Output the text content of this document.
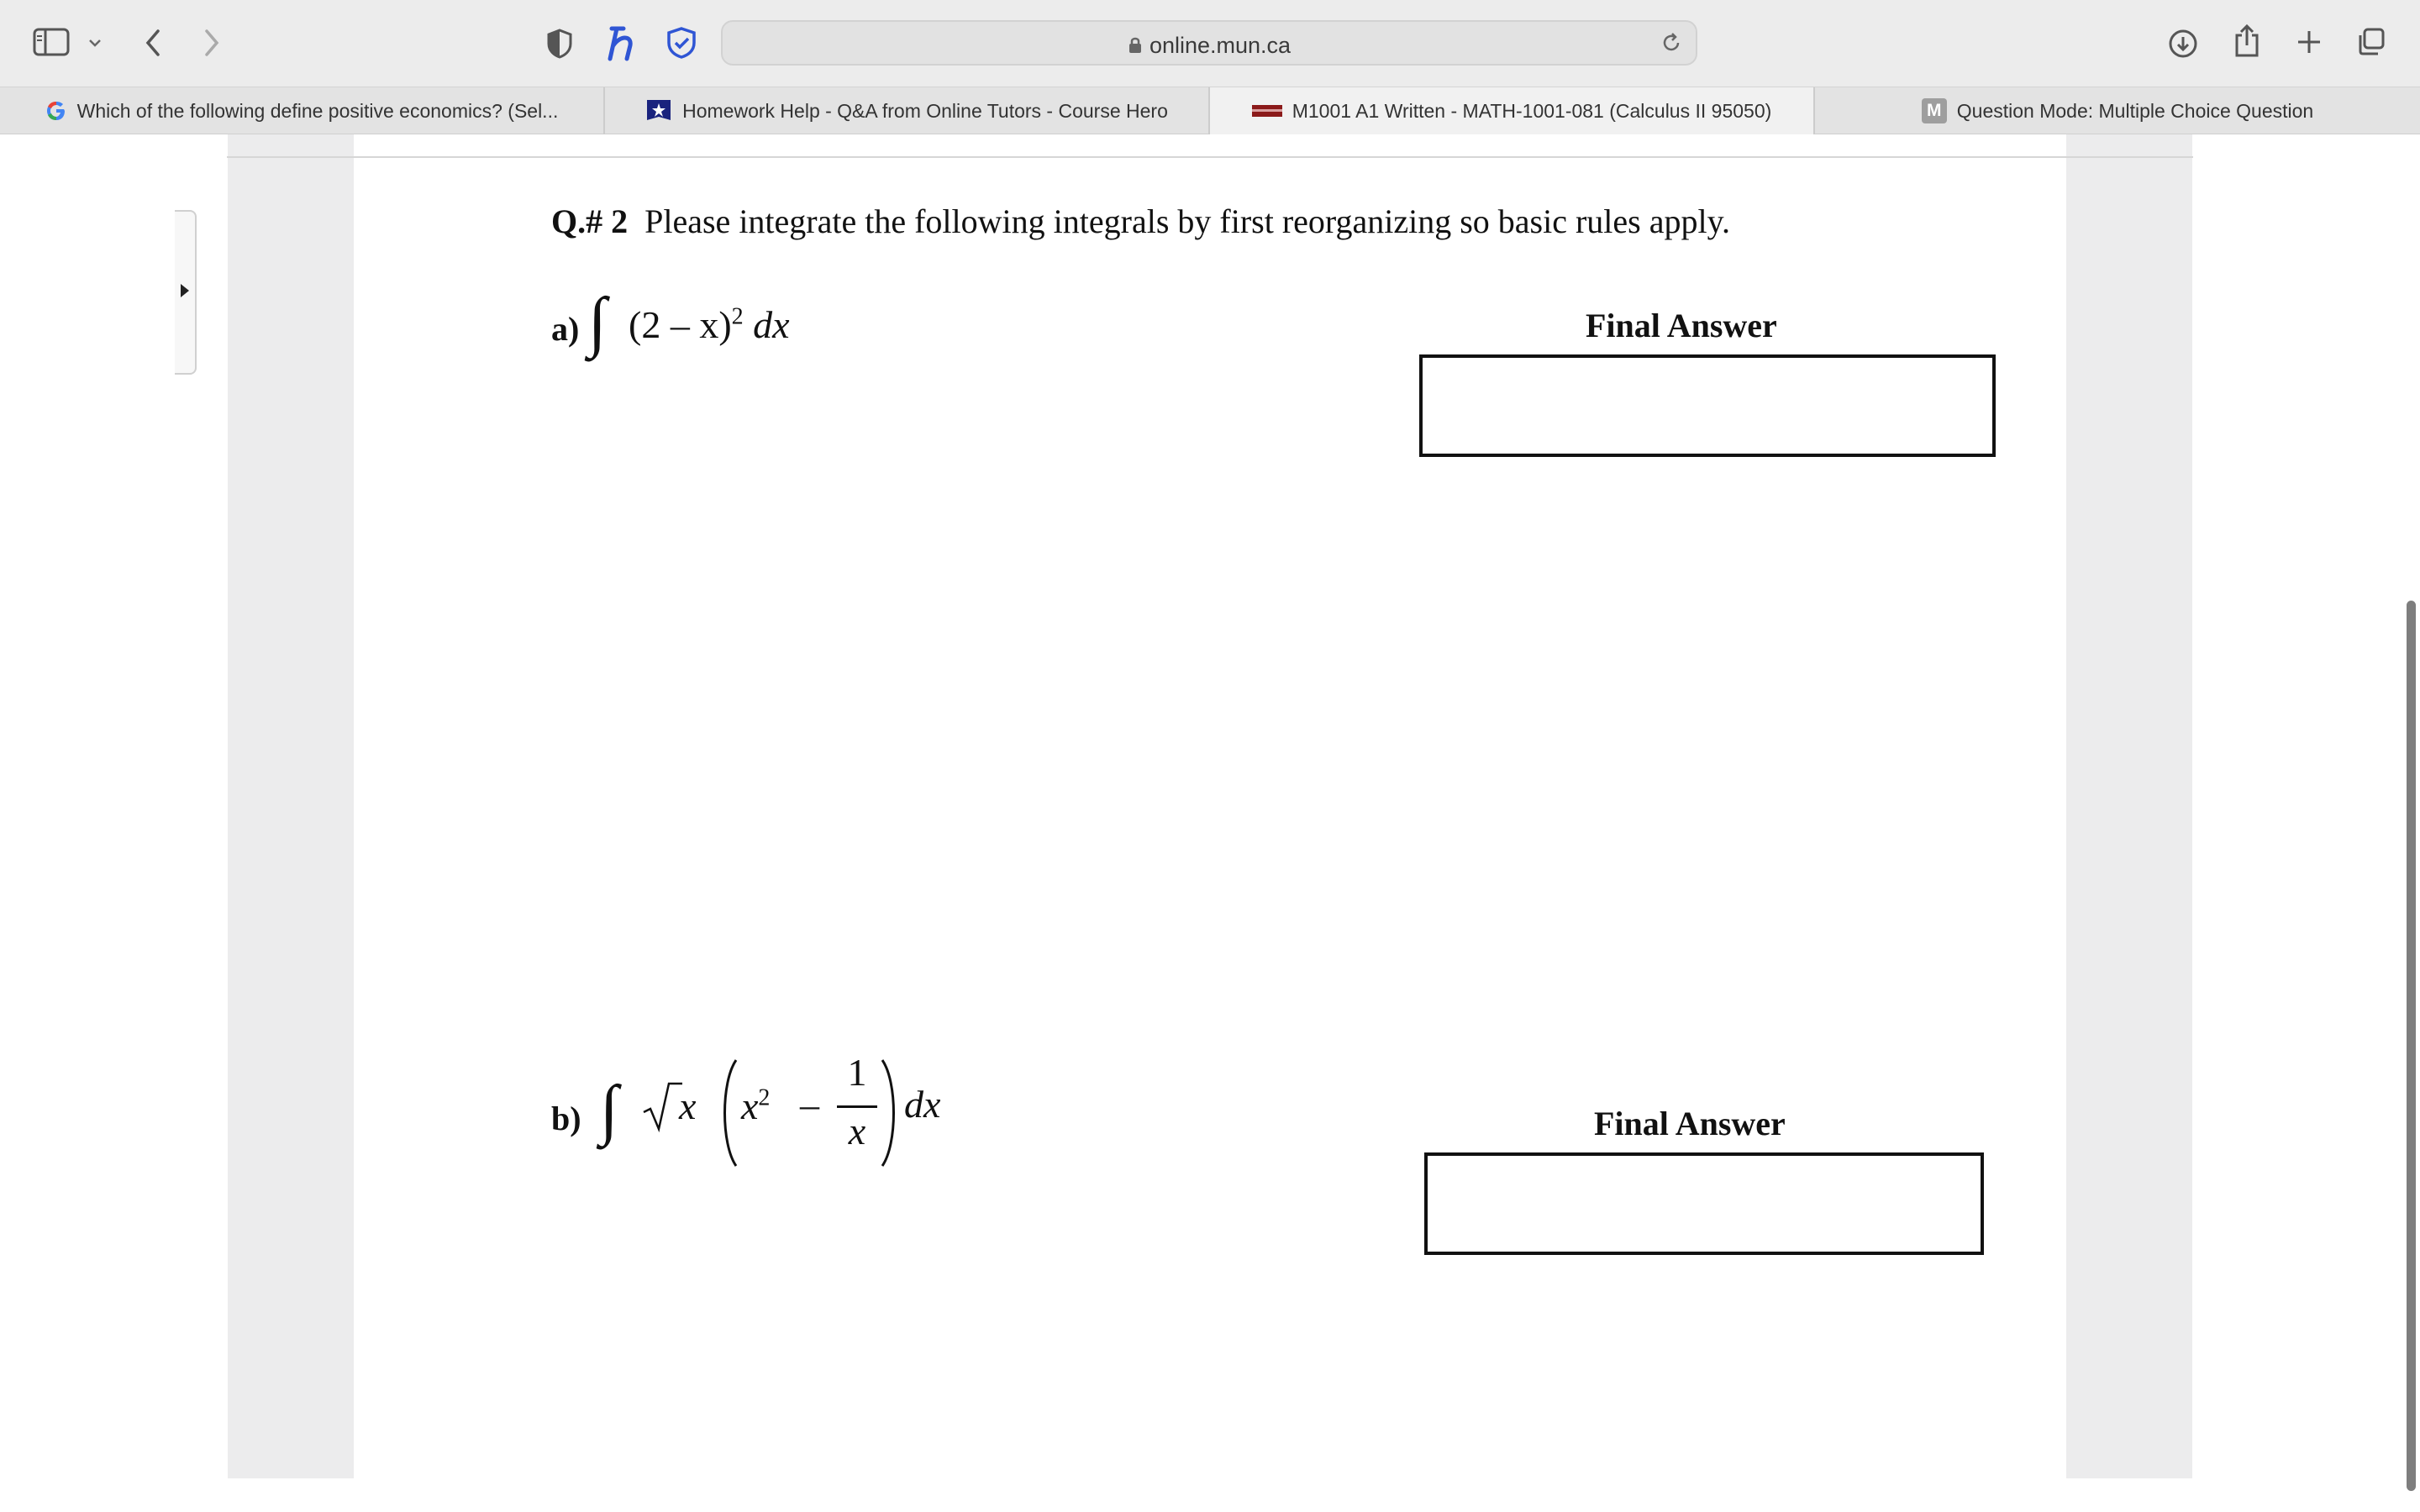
online.mun.ca
Which of the following define positive economics? (Sel...	Homework Help - Q&A from Online Tutors - Course Hero	M1001 A1 Written - MATH-1001-081 (Calculus II 95050)	M Question Mode: Multiple Choice Question
Q.# 2 Please integrate the following integrals by first reorganizing so basic rules apply.
a) ∫ (2 – x)$^2$ dx	Final Answer
b) ∫ x $x^2$ –
1
x
dx	Final Answer
